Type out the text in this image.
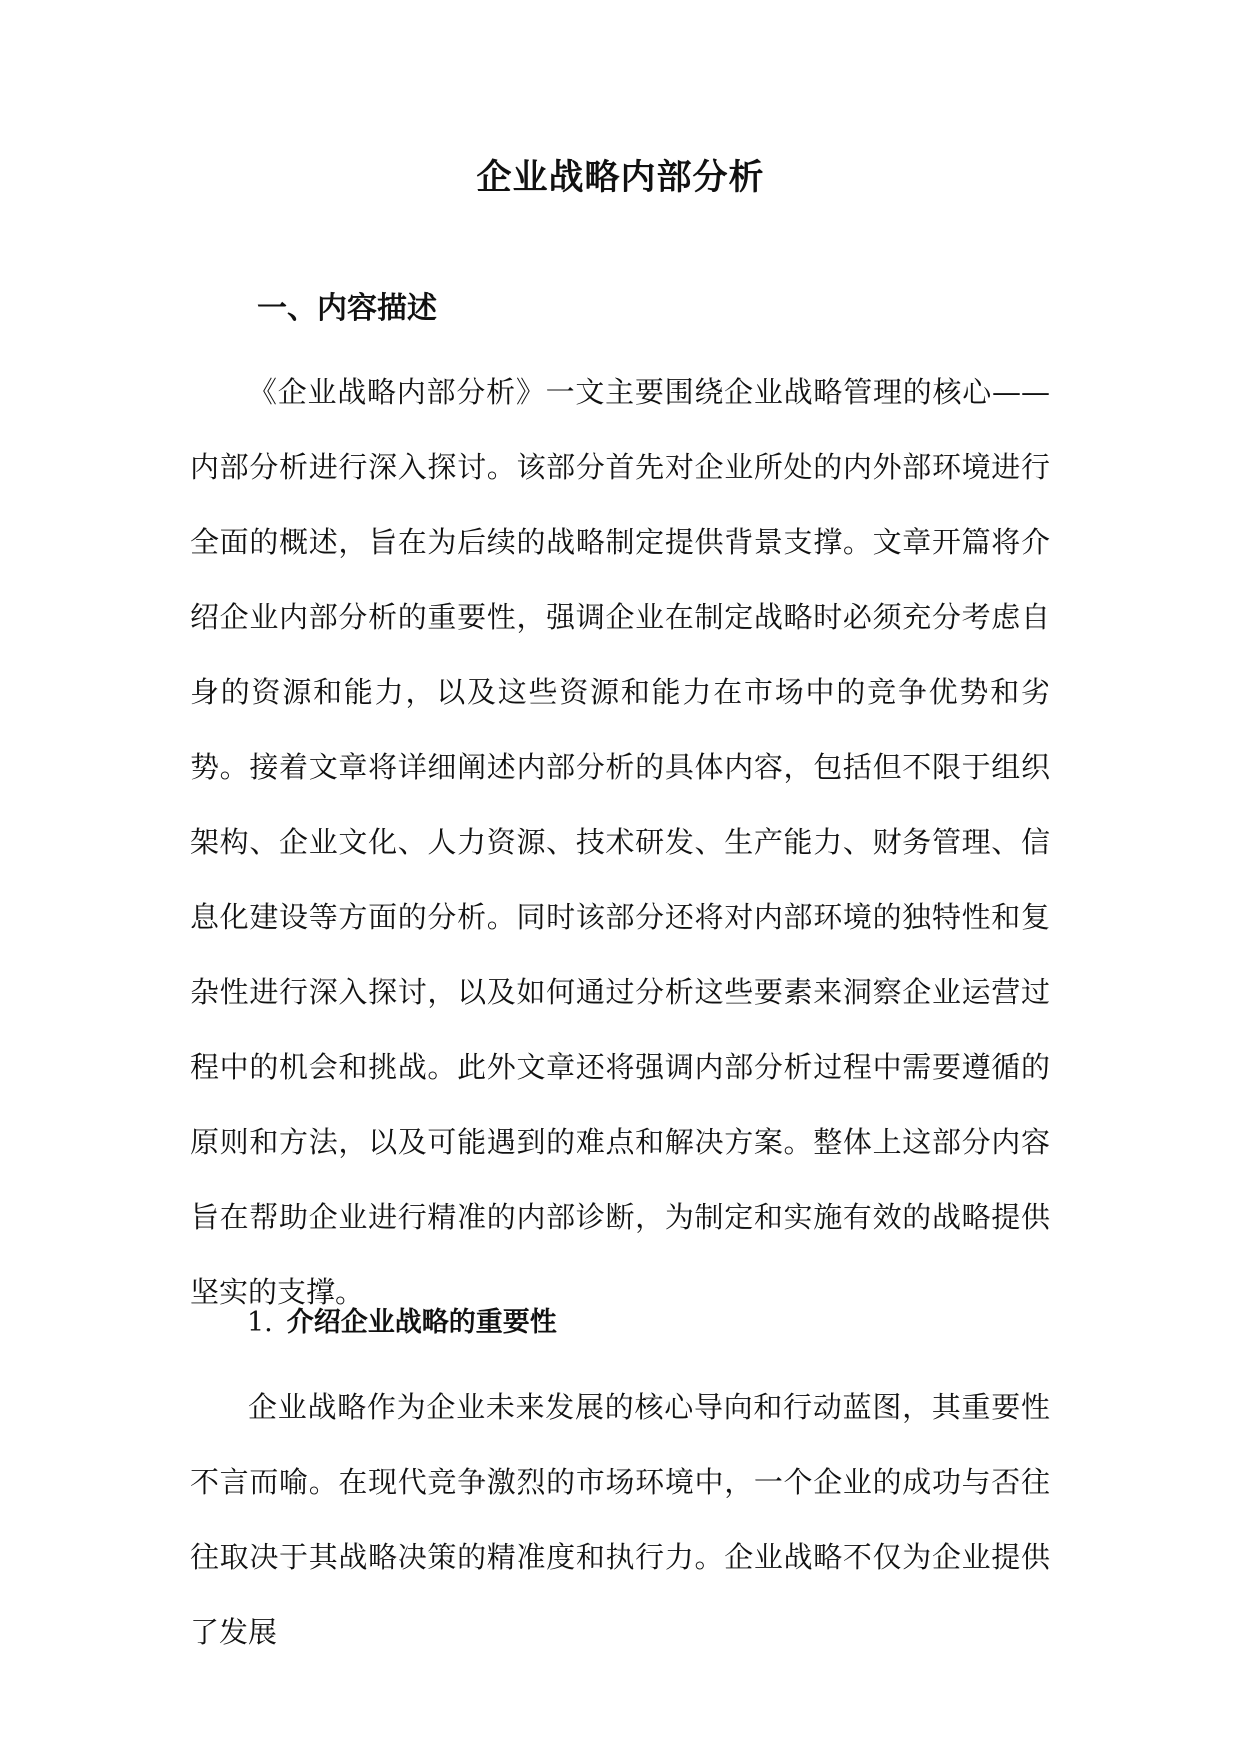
企业战略内部分析
一、内容描述

《企业战略内部分析》一文主要围绕企业战略管理的核心——内部分析进行深入探讨。该部分首先对企业所处的内外部环境进行全面的概述，旨在为后续的战略制定提供背景支撑。文章开篇将介绍企业内部分析的重要性，强调企业在制定战略时必须充分考虑自身的资源和能力，以及这些资源和能力在市场中的竞争优势和劣势。接着文章将详细阐述内部分析的具体内容，包括但不限于组织架构、企业文化、人力资源、技术研发、生产能力、财务管理、信息化建设等方面的分析。同时该部分还将对内部环境的独特性和复杂性进行深入探讨，以及如何通过分析这些要素来洞察企业运营过程中的机会和挑战。此外文章还将强调内部分析过程中需要遵循的原则和方法，以及可能遇到的难点和解决方案。整体上这部分内容旨在帮助企业进行精准的内部诊断，为制定和实施有效的战略提供坚实的支撑。

1. 介绍企业战略的重要性

企业战略作为企业未来发展的核心导向和行动蓝图，其重要性不言而喻。在现代竞争激烈的市场环境中，一个企业的成功与否往往取决于其战略决策的精准度和执行力。企业战略不仅为企业提供了发展
